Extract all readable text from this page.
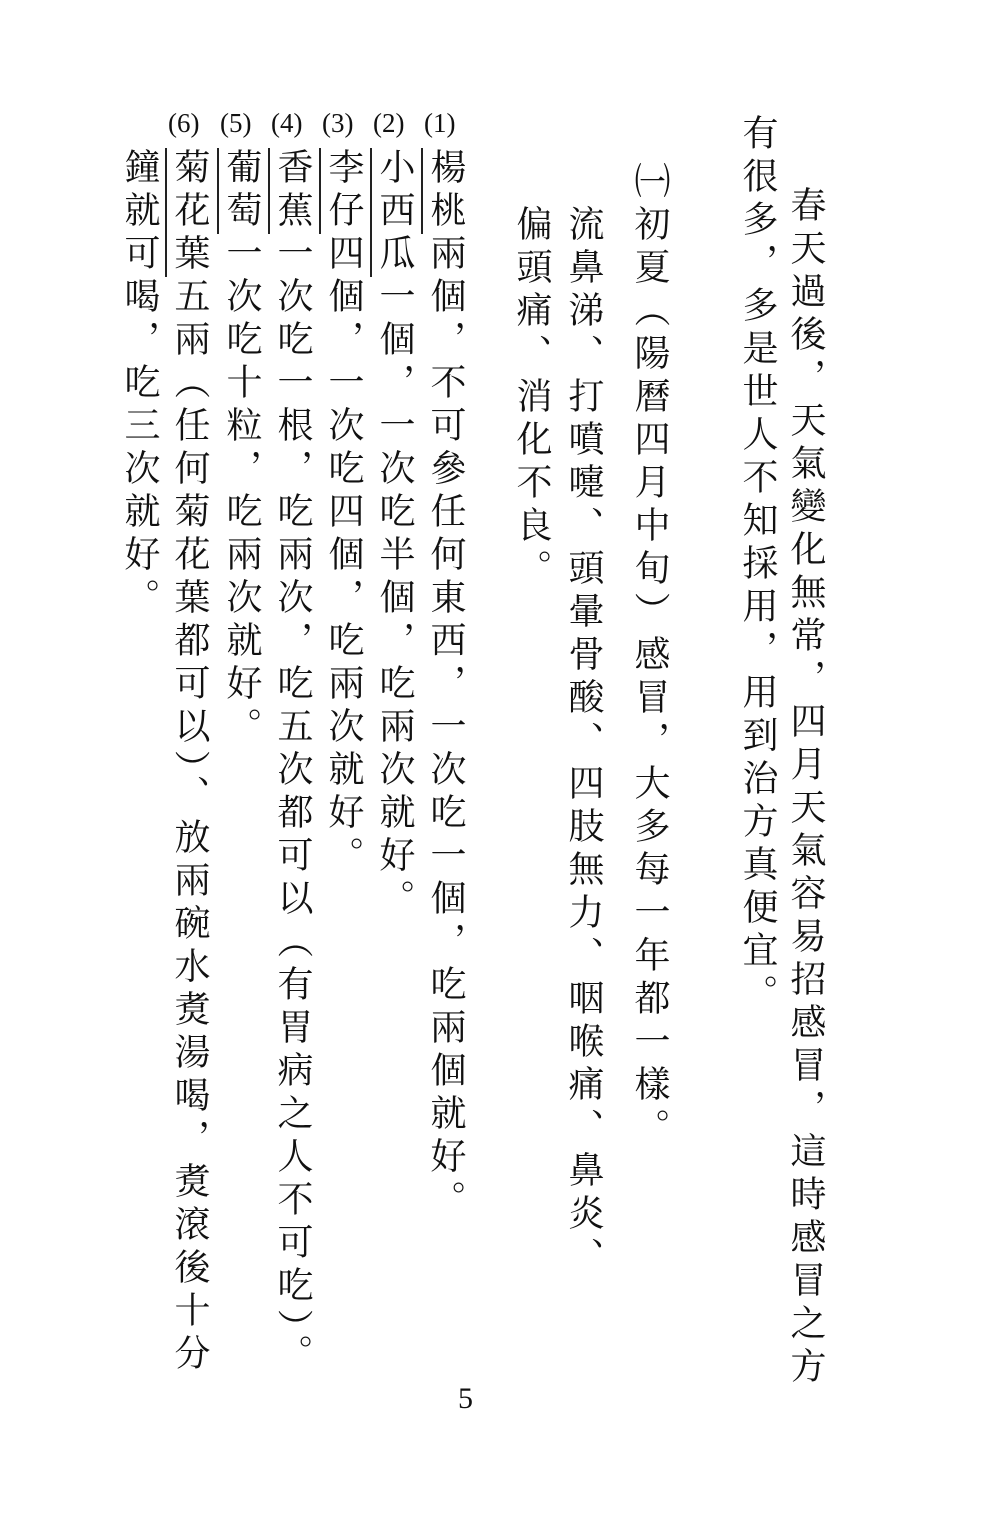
春天過後，天氣變化無常，四月天氣容易招感冒，這時感冒之方
有很多，多是世人不知採用，用到治方真便宜。
㈠初夏（陽曆四月中旬）感冒，大多每一年都一樣。
流鼻涕、打噴嚏、頭暈骨酸、四肢無力、咽喉痛、鼻炎、
偏頭痛、消化不良。
(1)
(2)
(3)
(4)
(5)
(6)
楊桃兩個，不可參任何東西，一次吃一個，吃兩個就好。
小西瓜一個，一次吃半個，吃兩次就好。
李仔四個，一次吃四個，吃兩次就好。
香蕉一次吃一根，吃兩次，吃五次都可以（有胃病之人不可吃）。
葡萄一次吃十粒，吃兩次就好。
菊花葉五兩（任何菊花葉都可以）、放兩碗水煑湯喝，煑滾後十分
鐘就可喝，吃三次就好。
5
